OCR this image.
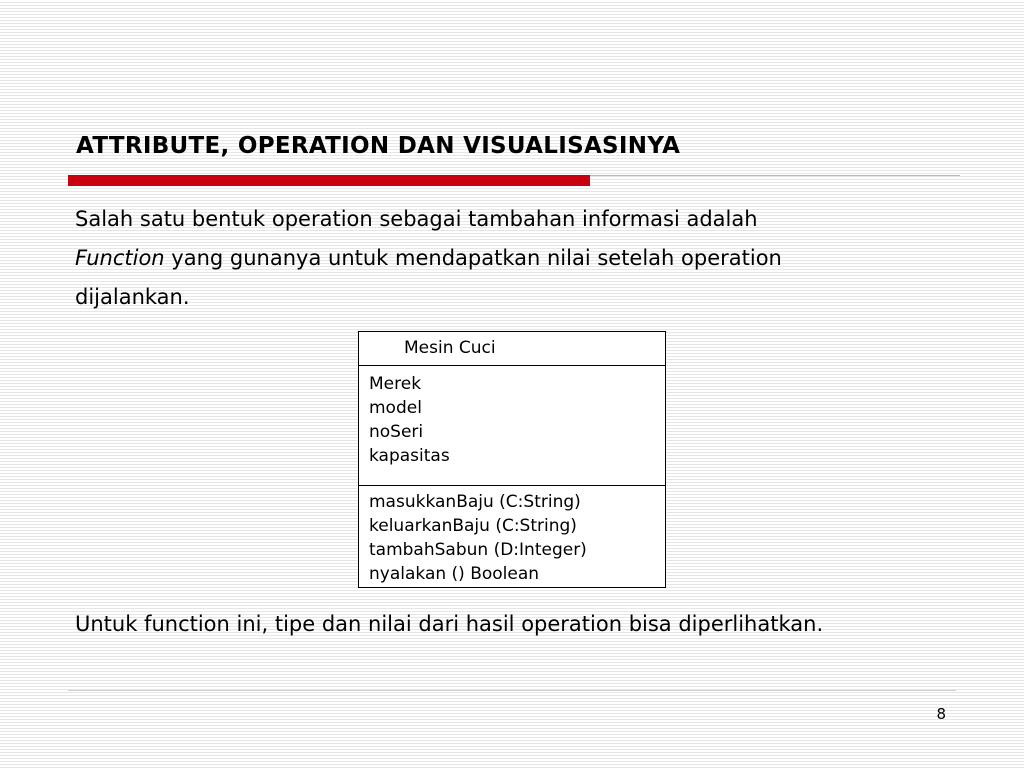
ATTRIBUTE, OPERATION DAN VISUALISASINYA

Salah satu bentuk operation sebagai tambahan informasi adalah
Function yang gunanya untuk mendapatkan nilai setelah operation
dijalankan.

Mesin Cuci
Merek
model
noSeri
kapasitas
masukkanBaju (C:String)
keluarkanBaju (C:String)
tambahSabun (D:Integer)
nyalakan () Boolean

Untuk function ini, tipe dan nilai dari hasil operation bisa diperlihatkan.

8
